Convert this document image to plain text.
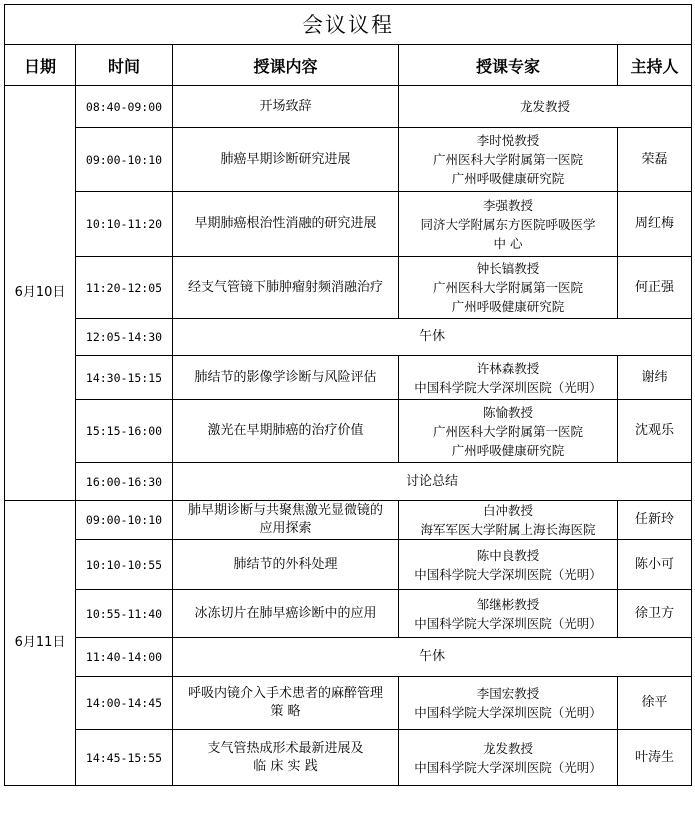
会议议程				
日期	时间	授课内容	授课专家	主持人
6月10日	08:40-09:00	开场致辞	龙发教授	

	09:00-10:10	肺癌早期诊断研究进展	李时悦教授
广州医科大学附属第一医院
广州呼吸健康研究院	荣磊
	10:10-11:20	早期肺癌根治性消融的研究进展	李强教授
同济大学附属东方医院呼吸医学
中 心	周红梅
	11:20-12:05	经支气管镜下肺肿瘤射频消融治疗	钟长镐教授
广州医科大学附属第一医院
广州呼吸健康研究院	何正强
	12:05-14:30	午休		
	14:30-15:15	肺结节的影像学诊断与风险评估	许林森教授
中国科学院大学深圳医院（光明）	谢纬
	15:15-16:00	激光在早期肺癌的治疗价值	陈愉教授
广州医科大学附属第一医院
广州呼吸健康研究院	沈观乐
	16:00-16:30	讨论总结		
6月11日	09:00-10:10	肺早期诊断与共聚焦激光显微镜的
应用探索	白冲教授
海军军医大学附属上海长海医院	任新玲
	10:10-10:55	肺结节的外科处理	陈中良教授
中国科学院大学深圳医院（光明）	陈小可
	10:55-11:40	冰冻切片在肺早癌诊断中的应用	邹继彬教授
中国科学院大学深圳医院（光明）	徐卫方
	11:40-14:00	午休		
	14:00-14:45	呼吸内镜介入手术患者的麻醉管理
策 略	李国宏教授
中国科学院大学深圳医院（光明）	徐平
	14:45-15:55	支气管热成形术最新进展及
临 床 实 践	龙发教授
中国科学院大学深圳医院（光明）	叶涛生
